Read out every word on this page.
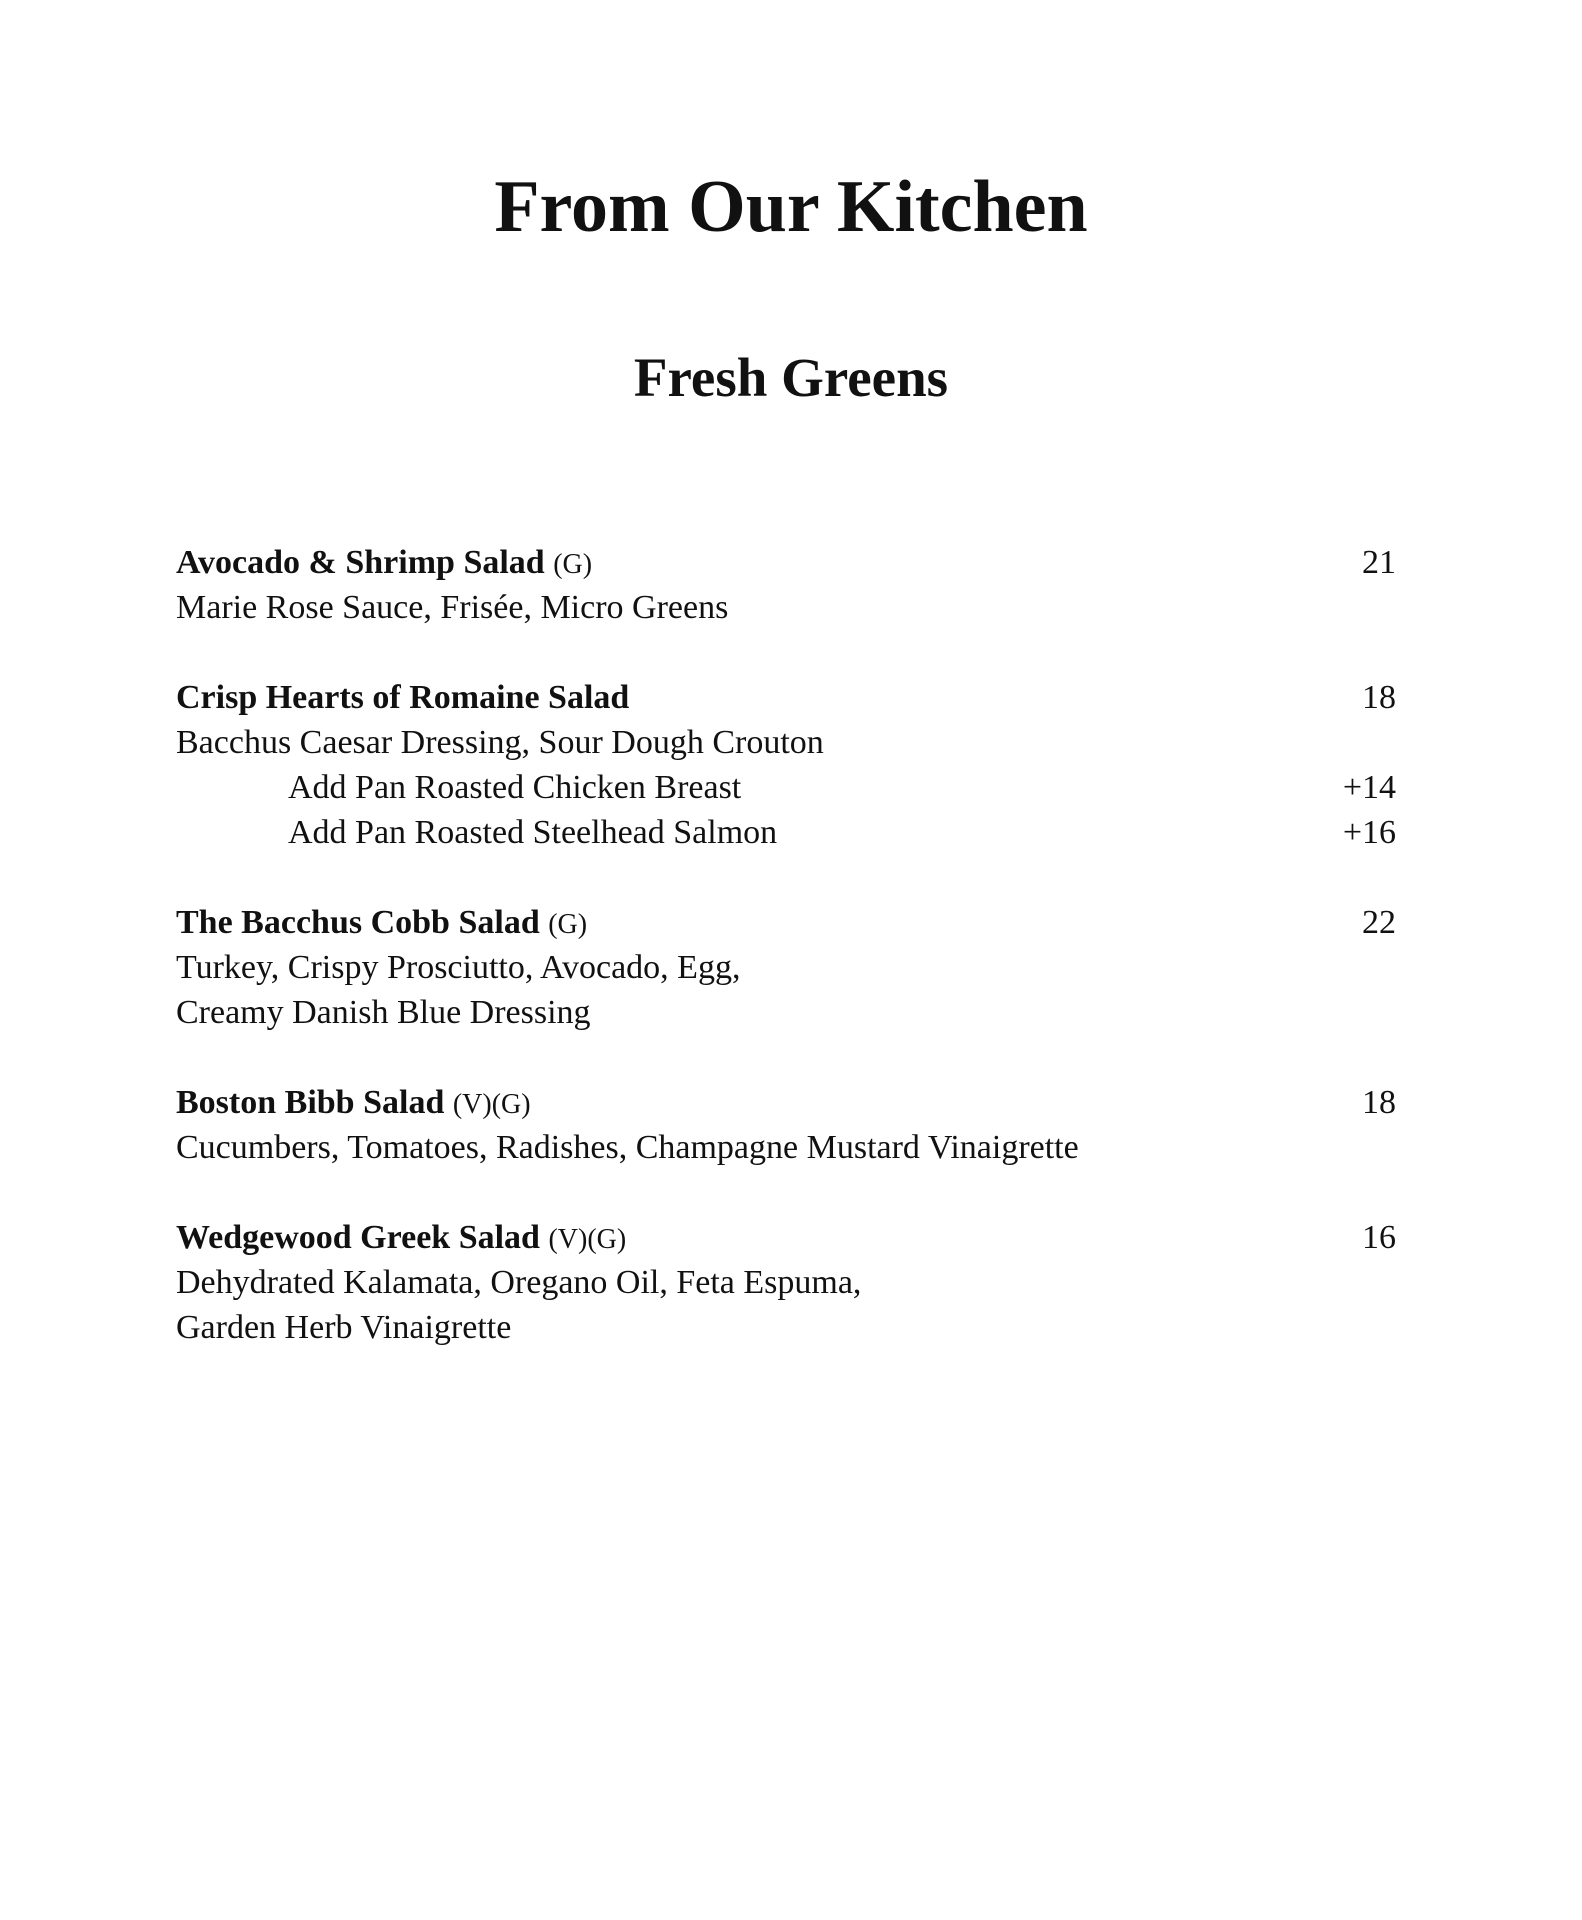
From Our Kitchen
Fresh Greens
Avocado & Shrimp Salad (G)	21
Marie Rose Sauce, Frisée, Micro Greens
Crisp Hearts of Romaine Salad	18
Bacchus Caesar Dressing, Sour Dough Crouton
Add Pan Roasted Chicken Breast	+14
Add Pan Roasted Steelhead Salmon	+16
The Bacchus Cobb Salad (G)	22
Turkey, Crispy Prosciutto, Avocado, Egg,
Creamy Danish Blue Dressing
Boston Bibb Salad (V)(G)	18
Cucumbers, Tomatoes, Radishes, Champagne Mustard Vinaigrette
Wedgewood Greek Salad (V)(G)	16
Dehydrated Kalamata, Oregano Oil, Feta Espuma,
Garden Herb Vinaigrette
